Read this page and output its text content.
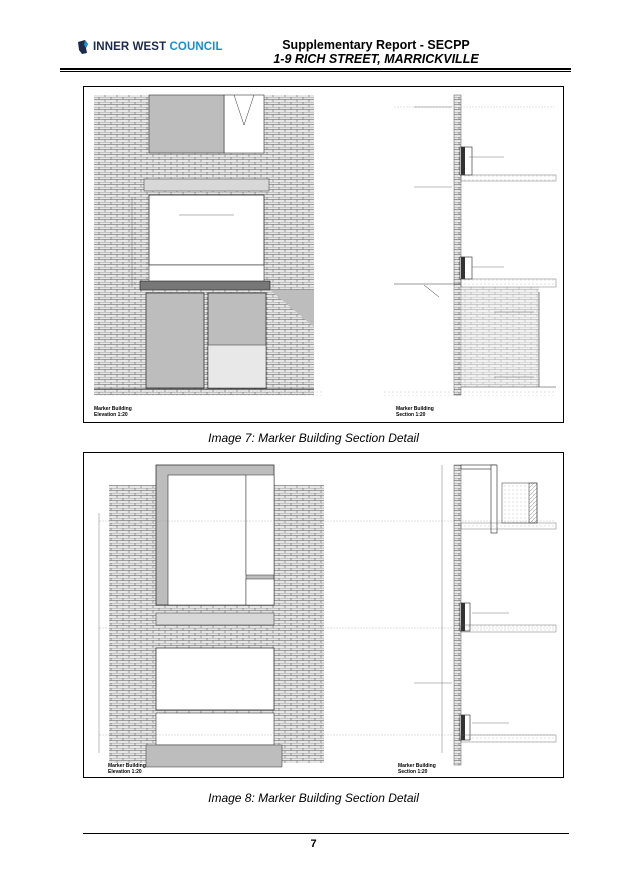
INNER WEST COUNCIL	Supplementary Report - SECPP
1-9 RICH STREET, MARRICKVILLE
Marker Building
Elevation 1:20
Marker Building
Section 1:20
Image 7: Marker Building Section Detail
Marker Building
Elevation 1:20
Marker Building
Section 1:20
Image 8: Marker Building Section Detail
7
